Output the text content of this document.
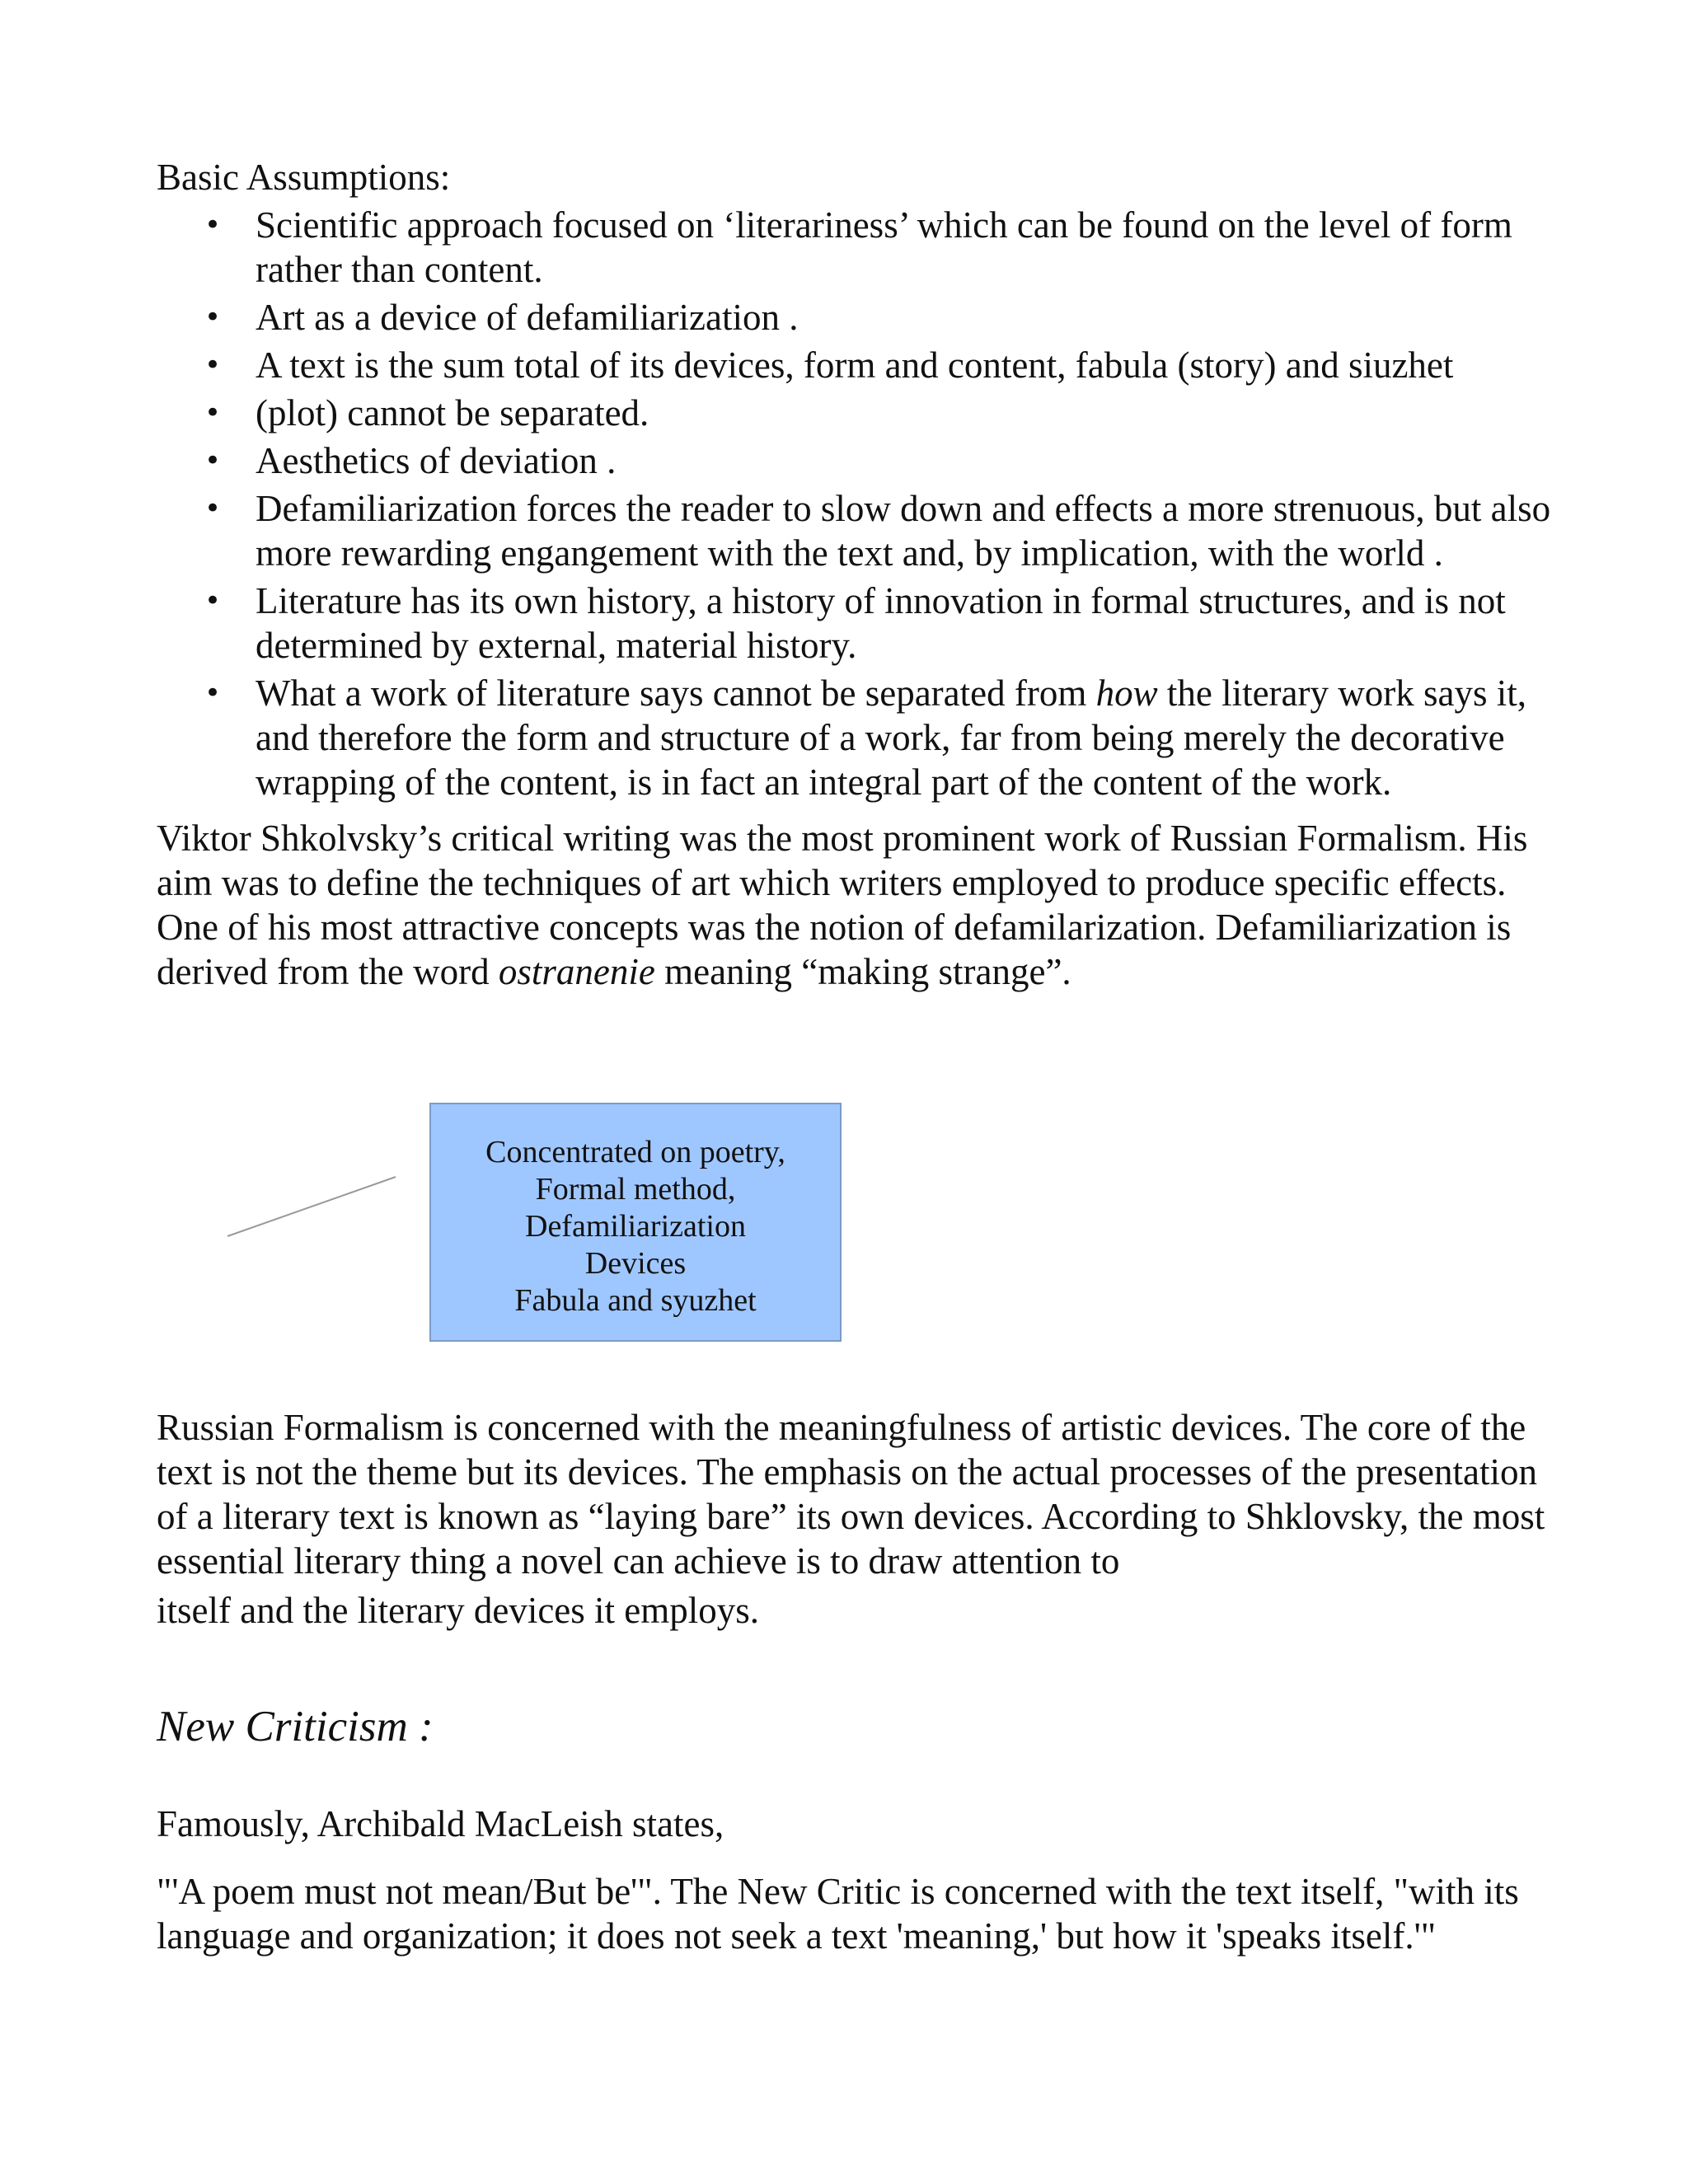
Basic Assumptions:

• Scientific approach focused on ‘literariness’ which can be found on the level of form rather than content.
• Art as a device of defamiliarization .
• A text is the sum total of its devices, form and content, fabula (story) and siuzhet
• (plot) cannot be separated.
• Aesthetics of deviation .
• Defamiliarization forces the reader to slow down and effects a more strenuous, but also more rewarding engangement with the text and, by implication, with the world .
• Literature has its own history, a history of innovation in formal structures, and is not determined by external, material history.
• What a work of literature says cannot be separated from how the literary work says it, and therefore the form and structure of a work, far from being merely the decorative wrapping of the content, is in fact an integral part of the content of the work.

Viktor Shkolvsky’s critical writing was the most prominent work of Russian Formalism. His aim was to define the techniques of art which writers employed to produce specific effects. One of his most attractive concepts was the notion of defamilarization. Defamiliarization is derived from the word ostranenie meaning “making strange”.

Concentrated on poetry,
Formal method,
Defamiliarization
Devices
Fabula and syuzhet

Russian Formalism is concerned with the meaningfulness of artistic devices. The core of the text is not the theme but its devices. The emphasis on the actual processes of the presentation of a literary text is known as “laying bare” its own devices. According to Shklovsky, the most essential literary thing a novel can achieve is to draw attention to
itself and the literary devices it employs.

New Criticism :

Famously, Archibald MacLeish states,

"'A poem must not mean/But be'". The New Critic is concerned with the text itself, "with its language and organization; it does not seek a text 'meaning,' but how it 'speaks itself.'"
